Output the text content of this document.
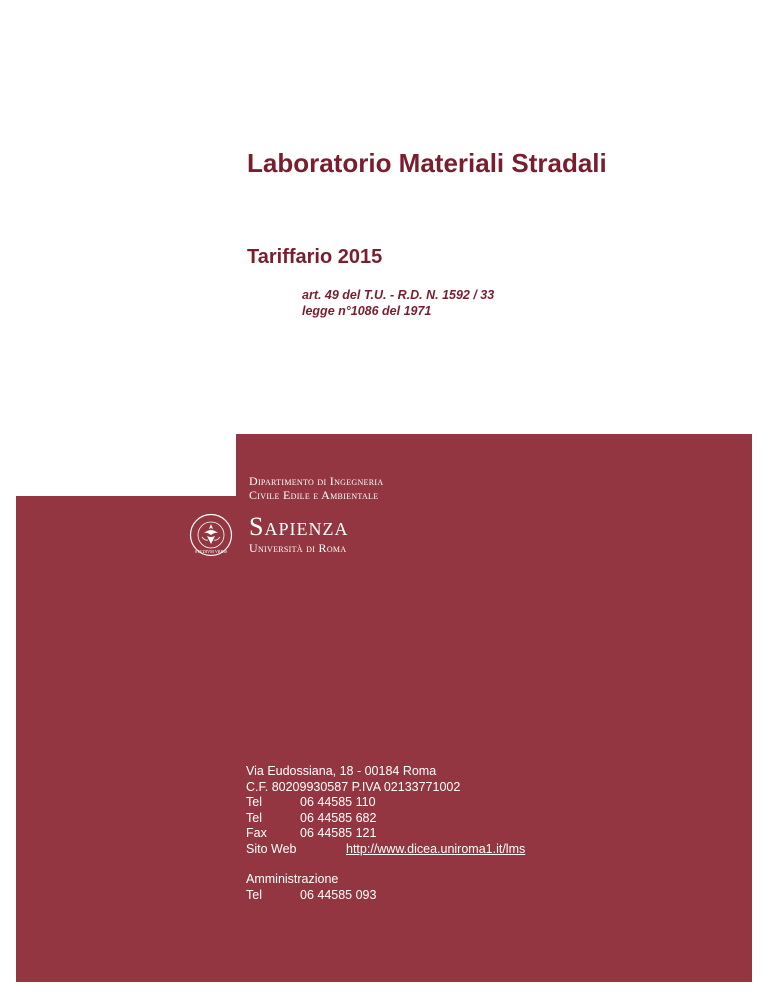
Laboratorio Materiali Stradali
Tariffario 2015
art. 49 del T.U. - R.D. N. 1592 / 33
legge n°1086 del 1971
Dipartimento di Ingegneria
Civile Edile e Ambientale
STVDIVM VRBIS
Sapienza
Università di Roma
Via Eudossiana, 18 - 00184 Roma
C.F. 80209930587 P.IVA 02133771002
Tel	06 44585 110
Tel	06 44585 682
Fax	06 44585 121
Sito Web	http://www.dicea.uniroma1.it/lms
Amministrazione
Tel	06 44585 093
